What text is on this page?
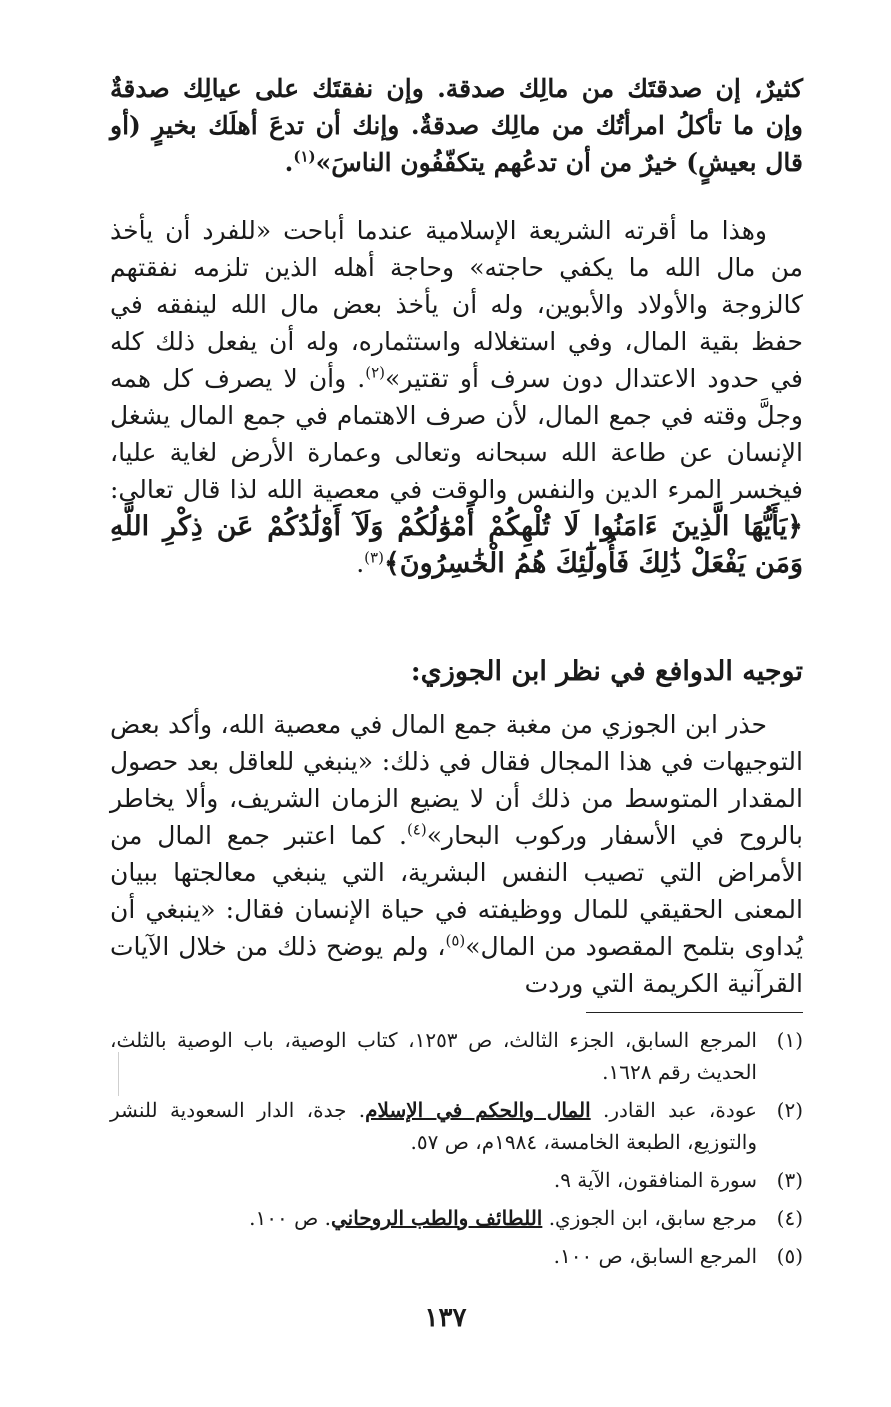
كثيرٌ، إن صدقتَك من مالِك صدقة. وإن نفقتَك على عيالِك صدقةٌ وإن ما تأكلُ امرأتُك من مالِك صدقةٌ. وإنك أن تدعَ أهلَك بخيرٍ (أو قال بعيشٍ) خيرٌ من أن تدعُهم يتكفّفُون الناسَ»$^{(١)}$.

وهذا ما أقرته الشريعة الإسلامية عندما أباحت «للفرد أن يأخذ من مال الله ما يكفي حاجته» وحاجة أهله الذين تلزمه نفقتهم كالزوجة والأولاد والأبوين، وله أن يأخذ بعض مال الله لينفقه في حفظ بقية المال، وفي استغلاله واستثماره، وله أن يفعل ذلك كله في حدود الاعتدال دون سرف أو تقتير»$^{(٢)}$. وأن لا يصرف كل همه وجلَّ وقته في جمع المال، لأن صرف الاهتمام في جمع المال يشغل الإنسان عن طاعة الله سبحانه وتعالى وعمارة الأرض لغاية عليا، فيخسر المرء الدين والنفس والوقت في معصية الله لذا قال تعالى: ﴿يَأَيُّهَا الَّذِينَ ءَامَنُوا لَا تُلْهِكُمْ أَمْوَٰلُكُمْ وَلَآ أَوْلَٰدُكُمْ عَن ذِكْرِ اللَّهِ وَمَن يَفْعَلْ ذَٰلِكَ فَأُولَٰٓئِكَ هُمُ الْخَٰسِرُونَ﴾$^{(٣)}$.

توجيه الدوافع في نظر ابن الجوزي:

حذر ابن الجوزي من مغبة جمع المال في معصية الله، وأكد بعض التوجيهات في هذا المجال فقال في ذلك: «ينبغي للعاقل بعد حصول المقدار المتوسط من ذلك أن لا يضيع الزمان الشريف، وألا يخاطر بالروح في الأسفار وركوب البحار»$^{(٤)}$. كما اعتبر جمع المال من الأمراض التي تصيب النفس البشرية، التي ينبغي معالجتها ببيان المعنى الحقيقي للمال ووظيفته في حياة الإنسان فقال: «ينبغي أن يُداوى بتلمح المقصود من المال»$^{(٥)}$، ولم يوضح ذلك من خلال الآيات القرآنية الكريمة التي وردت

(١)
المرجع السابق، الجزء الثالث، ص ١٢٥٣، كتاب الوصية، باب الوصية بالثلث، الحديث رقم ١٦٢٨.
(٢)
عودة، عبد القادر. المال والحكم في الإسلام. جدة، الدار السعودية للنشر والتوزيع، الطبعة الخامسة، ١٩٨٤م، ص ٥٧.
(٣)
سورة المنافقون، الآية ٩.
(٤)
مرجع سابق، ابن الجوزي. اللطائف والطب الروحاني. ص ١٠٠.
(٥)
المرجع السابق، ص ١٠٠.
١٣٧
